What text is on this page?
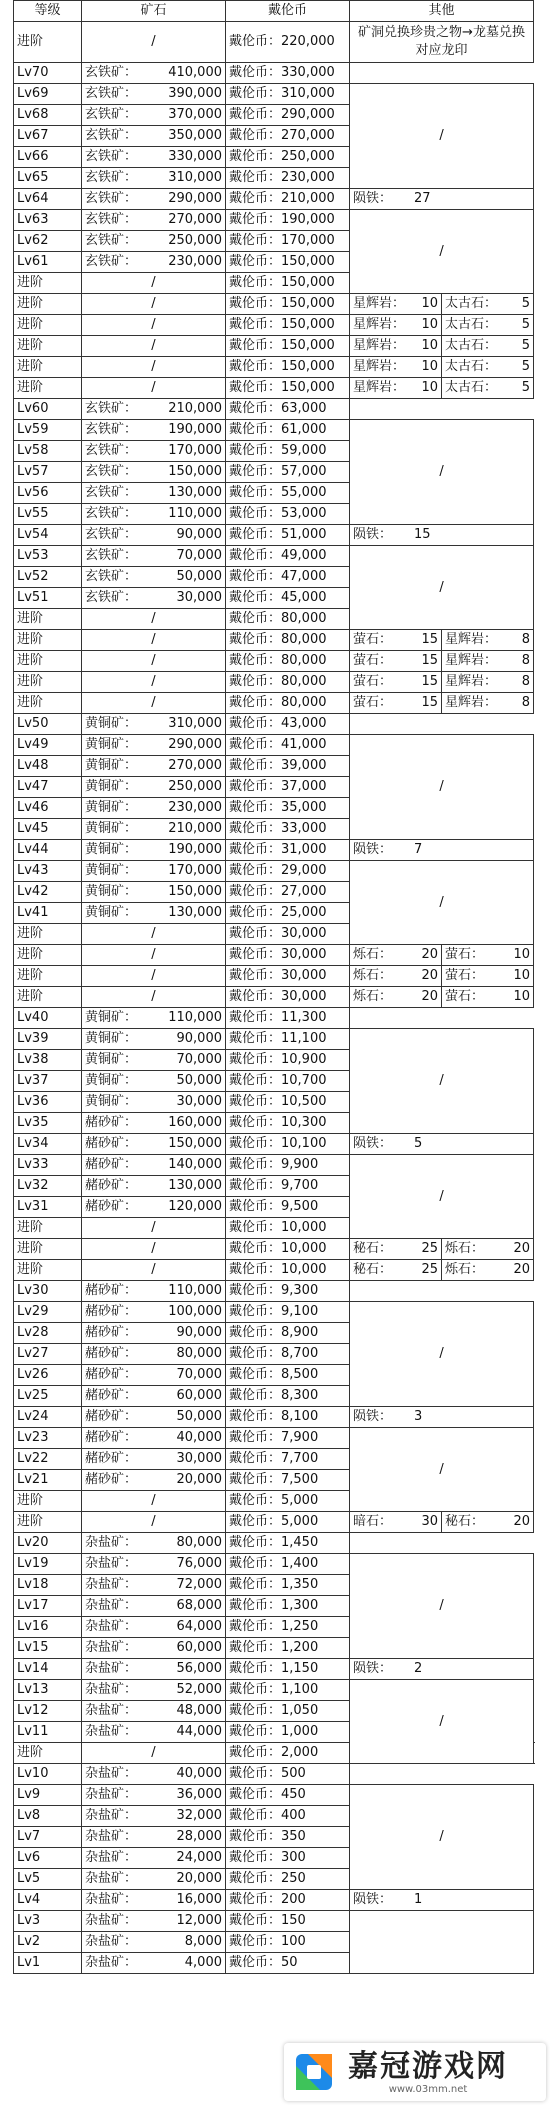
等级	矿石	戴伦币	其他		
进阶	/	戴伦币：220,000	矿洞兑换珍贵之物→龙墓兑换对应龙印		
Lv70	玄铁矿： 410,000	戴伦币：330,000			
Lv69	玄铁矿： 390,000	戴伦币：310,000	/		
Lv68	玄铁矿： 370,000	戴伦币：290,000			
Lv67	玄铁矿： 350,000	戴伦币：270,000			
Lv66	玄铁矿： 330,000	戴伦币：250,000			
Lv65	玄铁矿： 310,000	戴伦币：230,000			
Lv64	玄铁矿： 290,000	戴伦币：210,000	陨铁： 27		
Lv63	玄铁矿： 270,000	戴伦币：190,000	/		
Lv62	玄铁矿： 250,000	戴伦币：170,000			
Lv61	玄铁矿： 230,000	戴伦币：150,000			
进阶	/	戴伦币：150,000	

进阶	/	戴伦币：150,000	星辉岩： 10	太古石： 5	

进阶	/	戴伦币：150,000	星辉岩： 10	太古石： 5	

进阶	/	戴伦币：150,000	星辉岩： 10	太古石： 5	

进阶	/	戴伦币：150,000	星辉岩： 10	太古石： 5	

进阶	/	戴伦币：150,000	星辉岩： 10	太古石： 5	

Lv60	玄铁矿： 210,000	戴伦币：63,000			
Lv59	玄铁矿： 190,000	戴伦币：61,000	/		
Lv58	玄铁矿： 170,000	戴伦币：59,000			
Lv57	玄铁矿： 150,000	戴伦币：57,000			
Lv56	玄铁矿： 130,000	戴伦币：55,000			
Lv55	玄铁矿： 110,000	戴伦币：53,000			
Lv54	玄铁矿： 90,000	戴伦币：51,000	陨铁： 15		
Lv53	玄铁矿： 70,000	戴伦币：49,000	/		
Lv52	玄铁矿： 50,000	戴伦币：47,000			
Lv51	玄铁矿： 30,000	戴伦币：45,000			
进阶	/	戴伦币：80,000	

进阶	/	戴伦币：80,000	萤石： 15	星辉岩： 8	

进阶	/	戴伦币：80,000	萤石： 15	星辉岩： 8	

进阶	/	戴伦币：80,000	萤石： 15	星辉岩： 8	

进阶	/	戴伦币：80,000	萤石： 15	星辉岩： 8	

Lv50	黄铜矿： 310,000	戴伦币：43,000			
Lv49	黄铜矿： 290,000	戴伦币：41,000	/		
Lv48	黄铜矿： 270,000	戴伦币：39,000			
Lv47	黄铜矿： 250,000	戴伦币：37,000			
Lv46	黄铜矿： 230,000	戴伦币：35,000			
Lv45	黄铜矿： 210,000	戴伦币：33,000			
Lv44	黄铜矿： 190,000	戴伦币：31,000	陨铁： 7		
Lv43	黄铜矿： 170,000	戴伦币：29,000	/		
Lv42	黄铜矿： 150,000	戴伦币：27,000			
Lv41	黄铜矿： 130,000	戴伦币：25,000			
进阶	/	戴伦币：30,000	

进阶	/	戴伦币：30,000	烁石： 20	萤石： 10	

进阶	/	戴伦币：30,000	烁石： 20	萤石： 10	

进阶	/	戴伦币：30,000	烁石： 20	萤石： 10	

Lv40	黄铜矿： 110,000	戴伦币：11,300			
Lv39	黄铜矿： 90,000	戴伦币：11,100	/		
Lv38	黄铜矿： 70,000	戴伦币：10,900			
Lv37	黄铜矿： 50,000	戴伦币：10,700			
Lv36	黄铜矿： 30,000	戴伦币：10,500			
Lv35	赭砂矿： 160,000	戴伦币：10,300			
Lv34	赭砂矿： 150,000	戴伦币：10,100	陨铁： 5		
Lv33	赭砂矿： 140,000	戴伦币：9,900	/		
Lv32	赭砂矿： 130,000	戴伦币：9,700			
Lv31	赭砂矿： 120,000	戴伦币：9,500			
进阶	/	戴伦币：10,000	

进阶	/	戴伦币：10,000	秘石： 25	烁石： 20	

进阶	/	戴伦币：10,000	秘石： 25	烁石： 20	

Lv30	赭砂矿： 110,000	戴伦币：9,300			
Lv29	赭砂矿： 100,000	戴伦币：9,100	/		
Lv28	赭砂矿： 90,000	戴伦币：8,900			
Lv27	赭砂矿： 80,000	戴伦币：8,700			
Lv26	赭砂矿： 70,000	戴伦币：8,500			
Lv25	赭砂矿： 60,000	戴伦币：8,300			
Lv24	赭砂矿： 50,000	戴伦币：8,100	陨铁： 3		
Lv23	赭砂矿： 40,000	戴伦币：7,900	/		
Lv22	赭砂矿： 30,000	戴伦币：7,700			
Lv21	赭砂矿： 20,000	戴伦币：7,500			
进阶	/	戴伦币：5,000	

进阶	/	戴伦币：5,000	暗石： 30	秘石： 20	

Lv20	杂盐矿： 80,000	戴伦币：1,450			
Lv19	杂盐矿： 76,000	戴伦币：1,400	/		
Lv18	杂盐矿： 72,000	戴伦币：1,350			
Lv17	杂盐矿： 68,000	戴伦币：1,300			
Lv16	杂盐矿： 64,000	戴伦币：1,250			
Lv15	杂盐矿： 60,000	戴伦币：1,200			
Lv14	杂盐矿： 56,000	戴伦币：1,150	陨铁： 2		
Lv13	杂盐矿： 52,000	戴伦币：1,100	/		
Lv12	杂盐矿： 48,000	戴伦币：1,050			
Lv11	杂盐矿： 44,000	戴伦币：1,000			
进阶	/	戴伦币：2,000	

Lv10	杂盐矿： 40,000	戴伦币：500			
Lv9	杂盐矿： 36,000	戴伦币：450	/		
Lv8	杂盐矿： 32,000	戴伦币：400			
Lv7	杂盐矿： 28,000	戴伦币：350			
Lv6	杂盐矿： 24,000	戴伦币：300			
Lv5	杂盐矿： 20,000	戴伦币：250			
Lv4	杂盐矿： 16,000	戴伦币：200	陨铁： 1		
Lv3	杂盐矿： 12,000	戴伦币：150			
Lv2	杂盐矿： 8,000	戴伦币：100			
Lv1	杂盐矿： 4,000	戴伦币：50			
嘉冠游戏网
www.03mm.net
